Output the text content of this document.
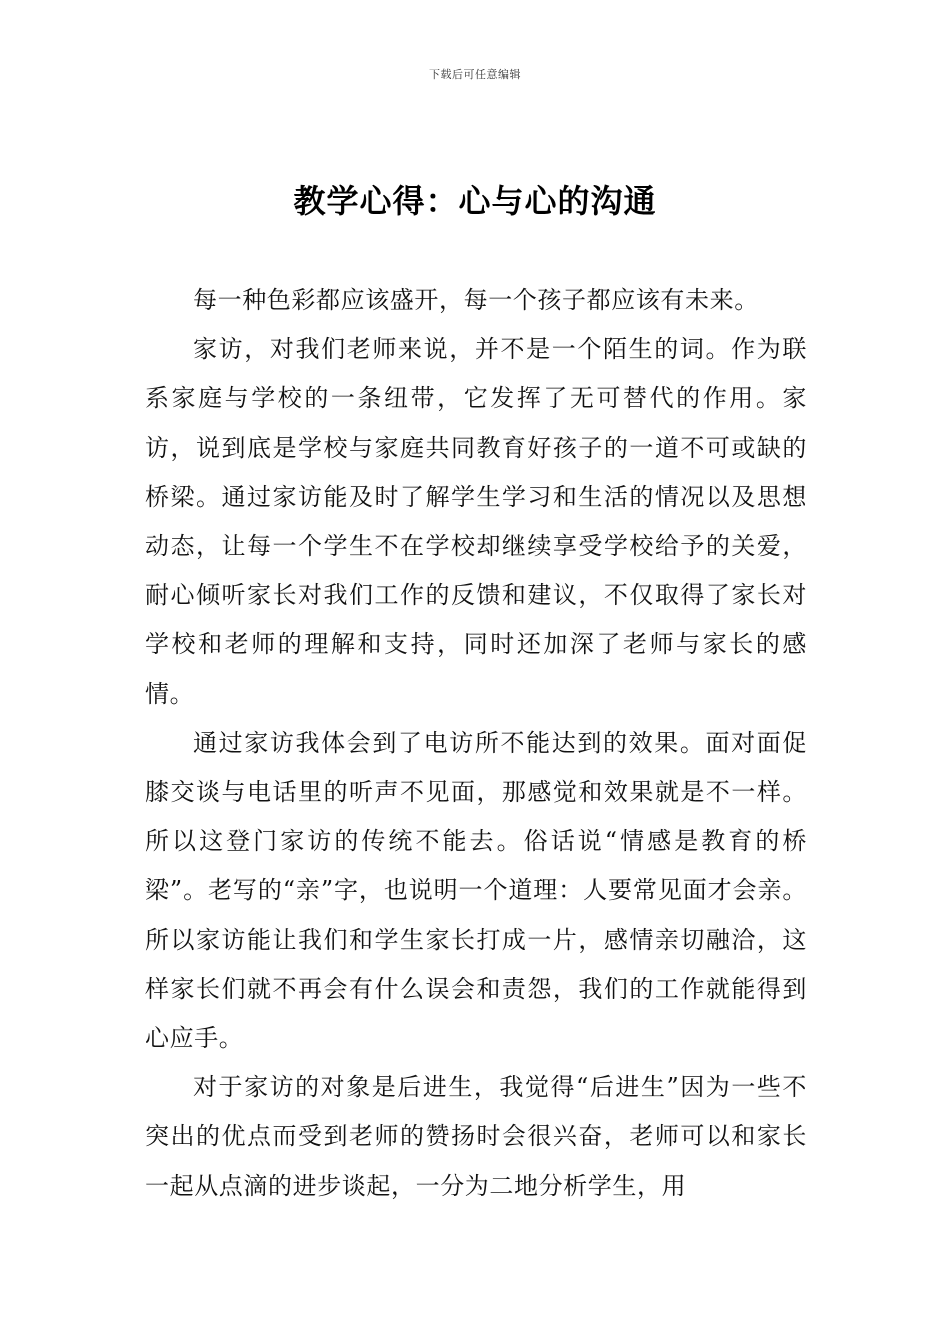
下载后可任意编辑
教学心得：心与心的沟通

每一种色彩都应该盛开，每一个孩子都应该有未来。

家访，对我们老师来说，并不是一个陌生的词。作为联系家庭与学校的一条纽带，它发挥了无可替代的作用。家访，说到底是学校与家庭共同教育好孩子的一道不可或缺的桥梁。通过家访能及时了解学生学习和生活的情况以及思想动态，让每一个学生不在学校却继续享受学校给予的关爱，耐心倾听家长对我们工作的反馈和建议，不仅取得了家长对学校和老师的理解和支持，同时还加深了老师与家长的感情。

通过家访我体会到了电访所不能达到的效果。面对面促膝交谈与电话里的听声不见面，那感觉和效果就是不一样。所以这登门家访的传统不能去。俗话说“情感是教育的桥梁”。老写的“亲”字，也说明一个道理：人要常见面才会亲。所以家访能让我们和学生家长打成一片，感情亲切融洽，这样家长们就不再会有什么误会和责怨，我们的工作就能得到心应手。

对于家访的对象是后进生，我觉得“后进生”因为一些不突出的优点而受到老师的赞扬时会很兴奋，老师可以和家长一起从点滴的进步谈起，一分为二地分析学生，用
